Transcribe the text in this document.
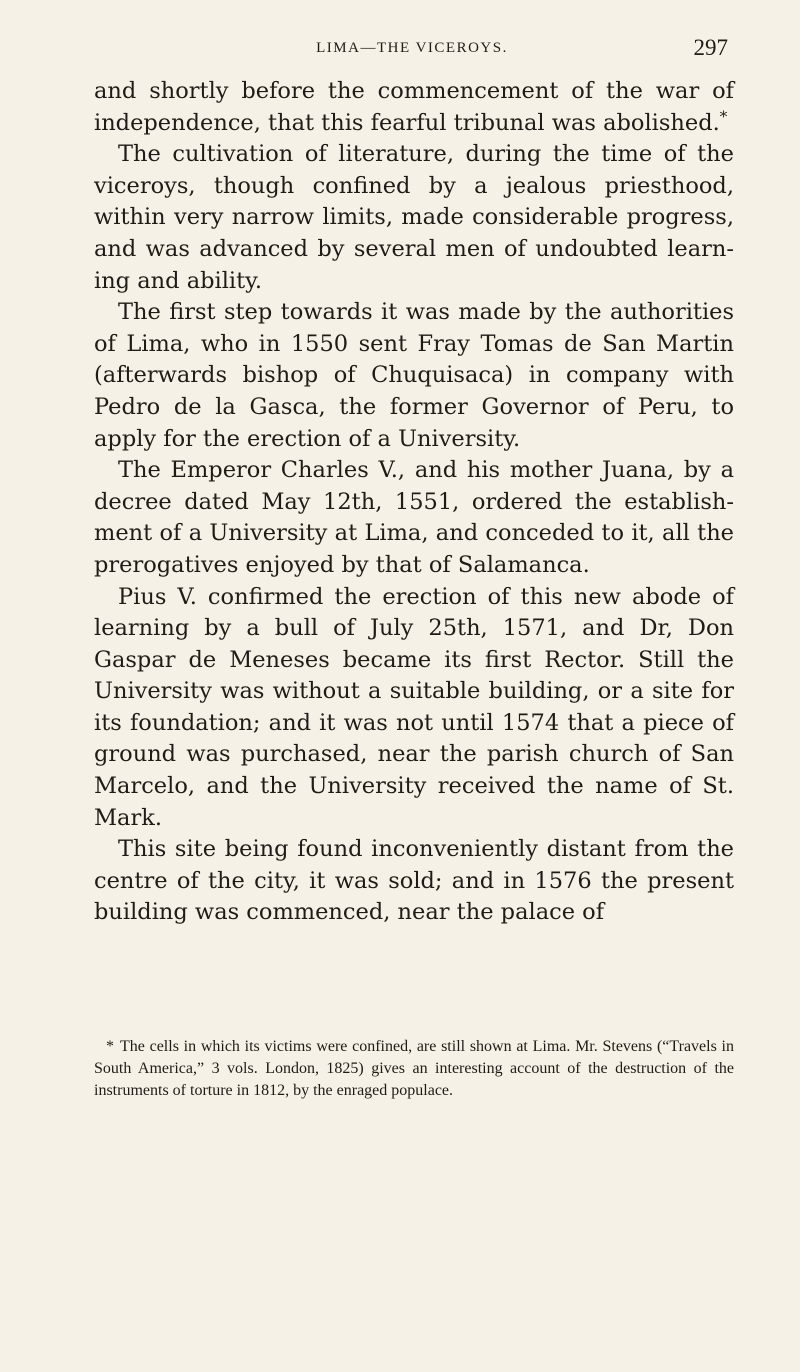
LIMA—THE VICEROYS.	297

and shortly before the commencement of the war of independence, that this fearful tribunal was abolished.*

The cultivation of literature, during the time of the viceroys, though confined by a jealous priesthood, within very narrow limits, made considerable progress, and was advanced by several men of undoubted learning and ability.

The first step towards it was made by the authorities of Lima, who in 1550 sent Fray Tomas de San Martin (afterwards bishop of Chuquisaca) in company with Pedro de la Gasca, the former Governor of Peru, to apply for the erection of a University.

The Emperor Charles V., and his mother Juana, by a decree dated May 12th, 1551, ordered the establishment of a University at Lima, and conceded to it, all the prerogatives enjoyed by that of Salamanca.

Pius V. confirmed the erection of this new abode of learning by a bull of July 25th, 1571, and Dr, Don Gaspar de Meneses became its first Rector. Still the University was without a suitable building, or a site for its foundation; and it was not until 1574 that a piece of ground was purchased, near the parish church of San Marcelo, and the University received the name of St. Mark.

This site being found inconveniently distant from the centre of the city, it was sold; and in 1576 the present building was commenced, near the palace of

* The cells in which its victims were confined, are still shown at Lima. Mr. Stevens (“Travels in South America,” 3 vols. London, 1825) gives an interesting account of the destruction of the instruments of torture in 1812, by the enraged populace.
